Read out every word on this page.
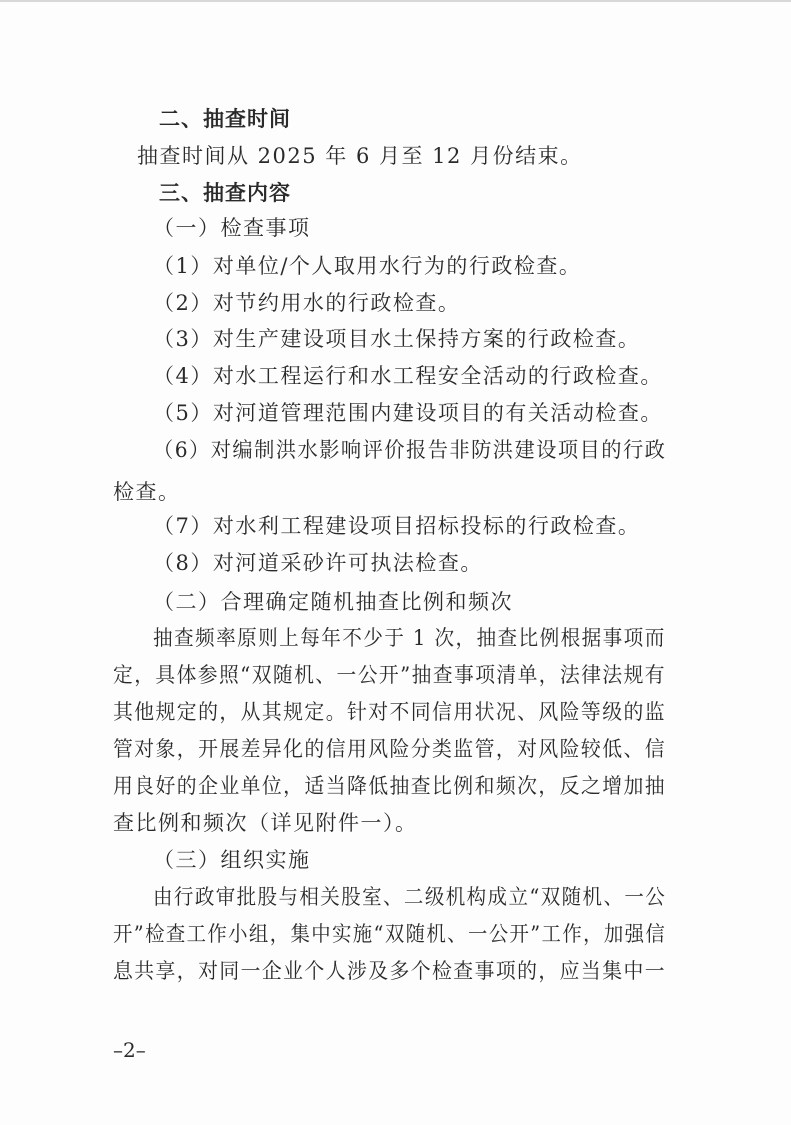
二、抽查时间
抽查时间从 2025 年 6 月至 12 月份结束。
三、抽查内容
（一）检查事项
（1）对单位/个人取用水行为的行政检查。
（2）对节约用水的行政检查。
（3）对生产建设项目水土保持方案的行政检查。
（4）对水工程运行和水工程安全活动的行政检查。
（5）对河道管理范围内建设项目的有关活动检查。
（6）对编制洪水影响评价报告非防洪建设项目的行政
检查。
（7）对水利工程建设项目招标投标的行政检查。
（8）对河道采砂许可执法检查。
（二）合理确定随机抽查比例和频次
抽查频率原则上每年不少于 1 次，抽查比例根据事项而
定，具体参照“双随机、一公开”抽查事项清单，法律法规有
其他规定的，从其规定。针对不同信用状况、风险等级的监
管对象，开展差异化的信用风险分类监管，对风险较低、信
用良好的企业单位，适当降低抽查比例和频次，反之增加抽
查比例和频次（详见附件一）。
（三）组织实施
由行政审批股与相关股室、二级机构成立“双随机、一公
开”检查工作小组，集中实施“双随机、一公开”工作，加强信
息共享，对同一企业个人涉及多个检查事项的，应当集中一
–2–
